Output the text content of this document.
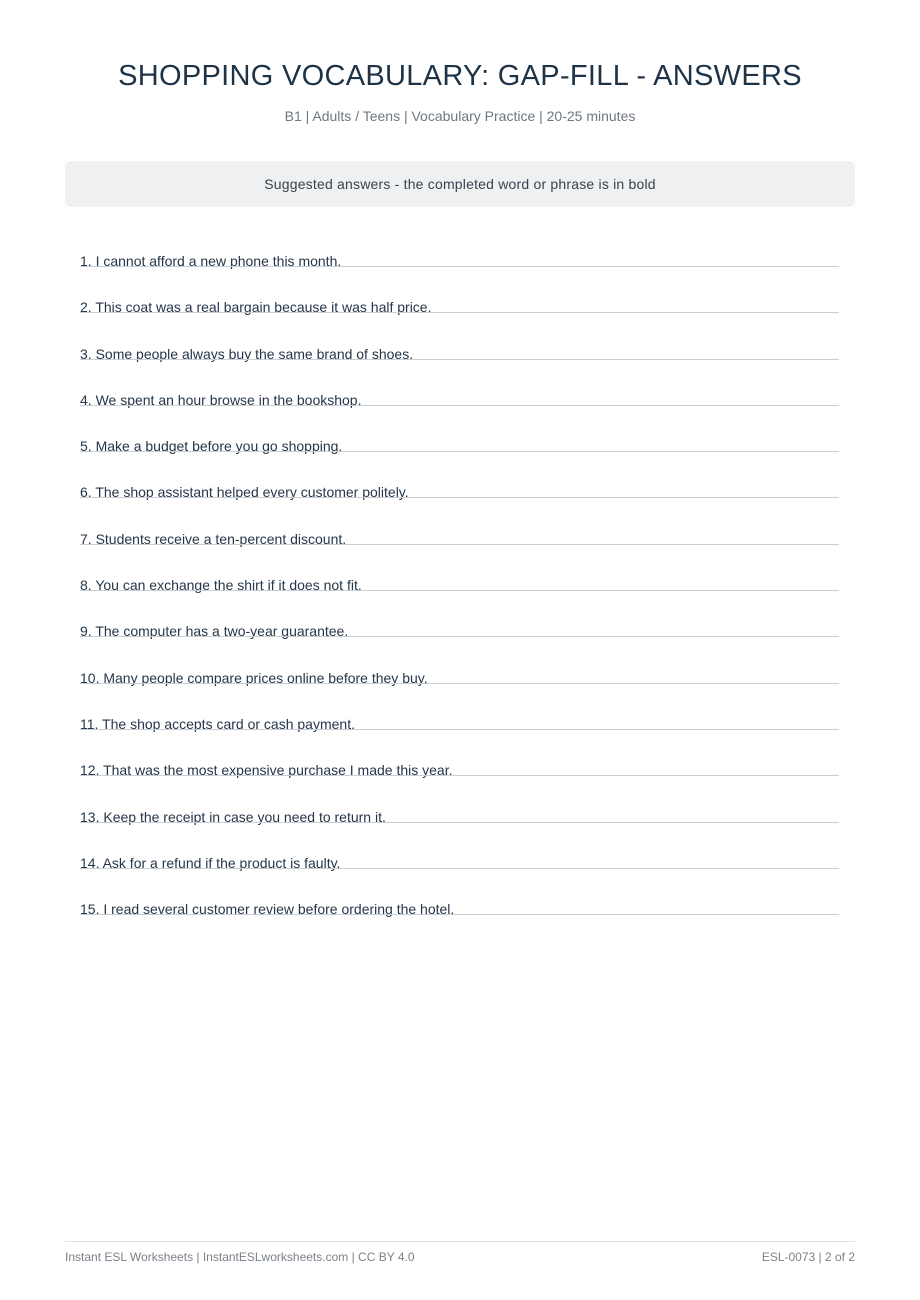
SHOPPING VOCABULARY: GAP-FILL - ANSWERS
B1 | Adults / Teens | Vocabulary Practice | 20-25 minutes
Suggested answers - the completed word or phrase is in bold
1. I cannot afford a new phone this month.
2. This coat was a real bargain because it was half price.
3. Some people always buy the same brand of shoes.
4. We spent an hour browse in the bookshop.
5. Make a budget before you go shopping.
6. The shop assistant helped every customer politely.
7. Students receive a ten-percent discount.
8. You can exchange the shirt if it does not fit.
9. The computer has a two-year guarantee.
10. Many people compare prices online before they buy.
11. The shop accepts card or cash payment.
12. That was the most expensive purchase I made this year.
13. Keep the receipt in case you need to return it.
14. Ask for a refund if the product is faulty.
15. I read several customer review before ordering the hotel.
Instant ESL Worksheets | InstantESLworksheets.com | CC BY 4.0	ESL-0073 | 2 of 2
